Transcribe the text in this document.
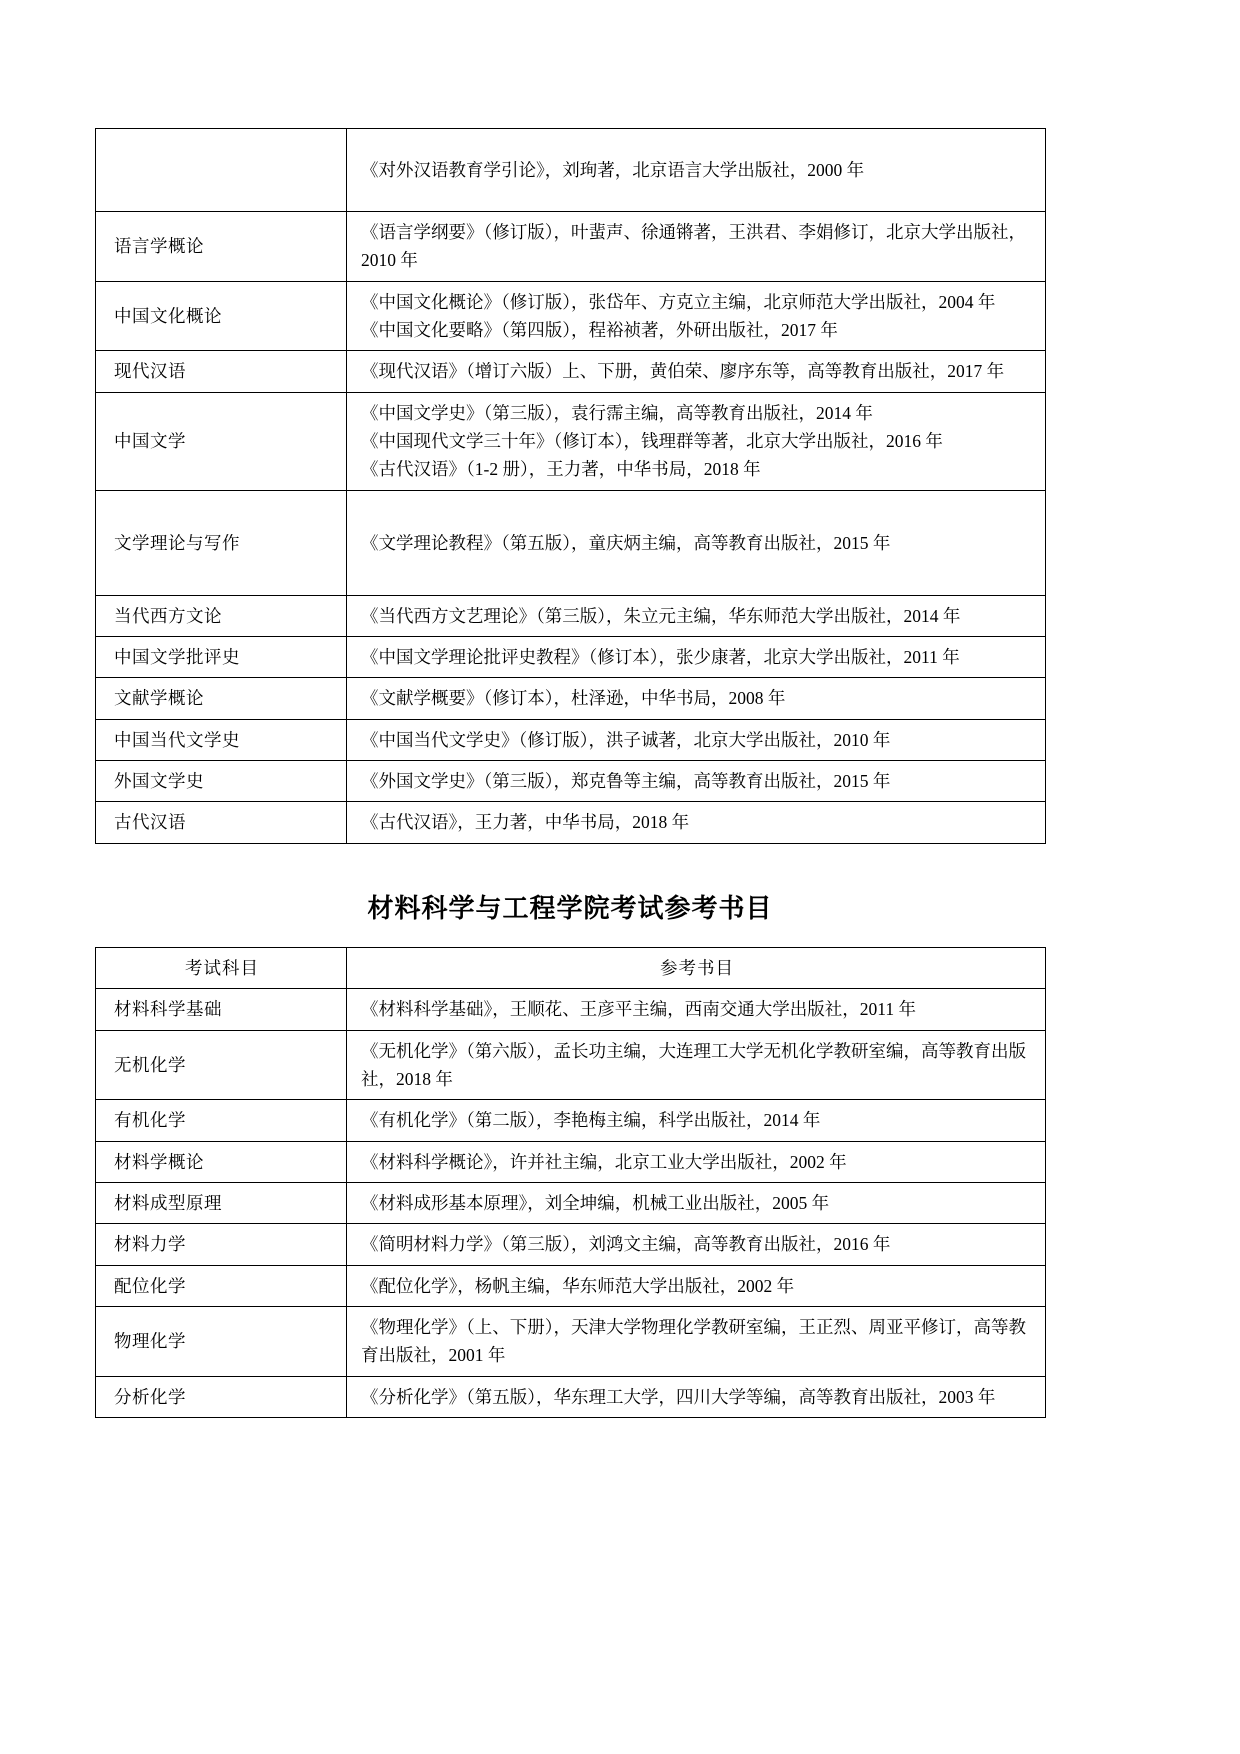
	《对外汉语教育学引论》，刘珣著，北京语言大学出版社，2000 年

语言学概论	《语言学纲要》（修订版），叶蜚声、徐通锵著，王洪君、李娟修订，北京大学出版社，2010 年

中国文化概论	《中国文化概论》（修订版），张岱年、方克立主编，北京师范大学出版社，2004 年
《中国文化要略》（第四版），程裕祯著，外研出版社，2017 年

现代汉语	《现代汉语》（增订六版）上、下册，黄伯荣、廖序东等，高等教育出版社，2017 年

中国文学	《中国文学史》（第三版），袁行霈主编，高等教育出版社，2014 年
《中国现代文学三十年》（修订本），钱理群等著，北京大学出版社，2016 年
《古代汉语》（1-2 册），王力著，中华书局，2018 年

文学理论与写作	《文学理论教程》（第五版），童庆炳主编，高等教育出版社，2015 年

当代西方文论	《当代西方文艺理论》（第三版），朱立元主编，华东师范大学出版社，2014 年

中国文学批评史	《中国文学理论批评史教程》（修订本），张少康著，北京大学出版社，2011 年

文献学概论	《文献学概要》（修订本），杜泽逊，中华书局，2008 年

中国当代文学史	《中国当代文学史》（修订版），洪子诚著，北京大学出版社，2010 年

外国文学史	《外国文学史》（第三版），郑克鲁等主编，高等教育出版社，2015 年

古代汉语	《古代汉语》，王力著，中华书局，2018 年
材料科学与工程学院考试参考书目
考试科目	参考书目
材料科学基础	《材料科学基础》，王顺花、王彦平主编，西南交通大学出版社，2011 年

无机化学	《无机化学》（第六版），孟长功主编，大连理工大学无机化学教研室编，高等教育出版社，2018 年

有机化学	《有机化学》（第二版），李艳梅主编，科学出版社，2014 年

材料学概论	《材料科学概论》，许并社主编，北京工业大学出版社，2002 年

材料成型原理	《材料成形基本原理》，刘全坤编，机械工业出版社，2005 年

材料力学	《简明材料力学》（第三版），刘鸿文主编，高等教育出版社，2016 年

配位化学	《配位化学》，杨帆主编，华东师范大学出版社，2002 年

物理化学	《物理化学》（上、下册），天津大学物理化学教研室编，王正烈、周亚平修订，高等教育出版社，2001 年

分析化学	《分析化学》（第五版），华东理工大学，四川大学等编，高等教育出版社，2003 年
